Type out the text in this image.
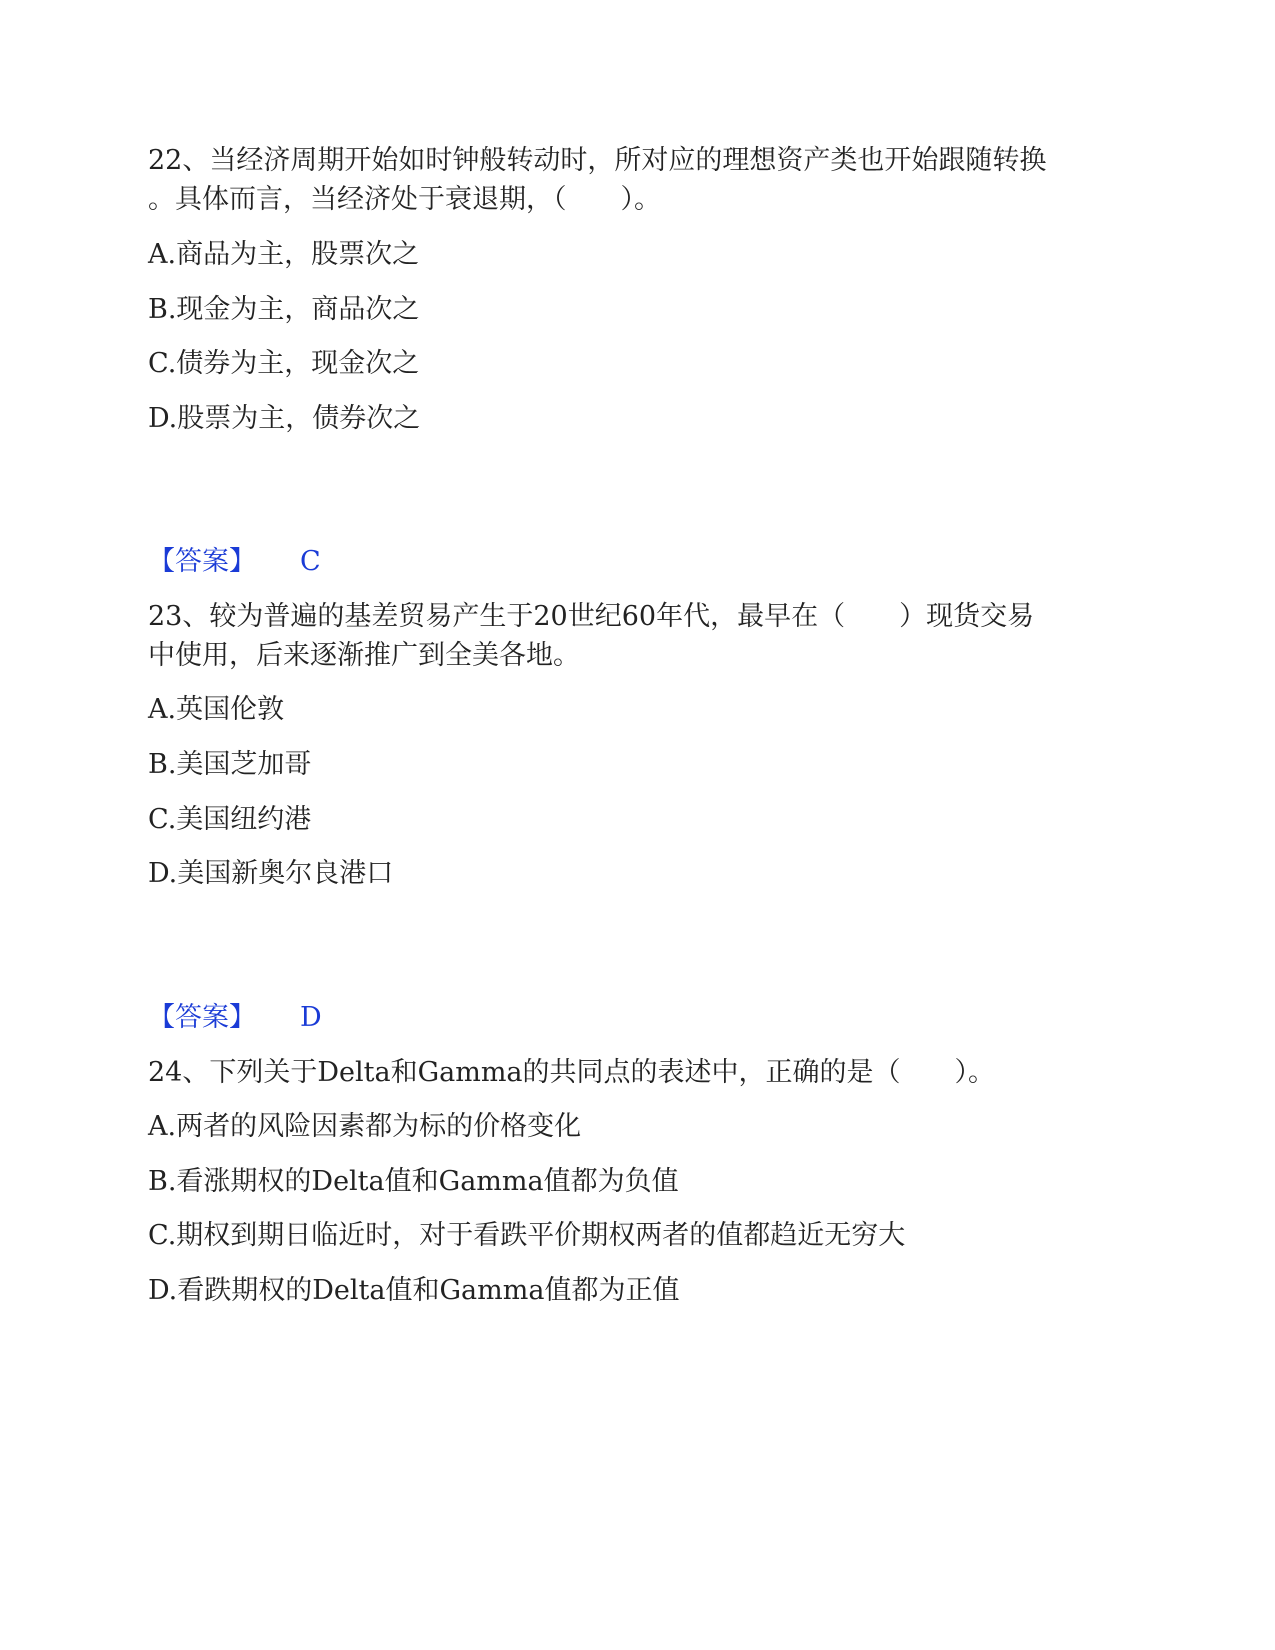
22、当经济周期开始如时钟般转动时，所对应的理想资产类也开始跟随转换
。具体而言，当经济处于衰退期，（　　）。
A.商品为主，股票次之
B.现金为主，商品次之
C.债券为主，现金次之
D.股票为主，债券次之
【答案】 C
23、较为普遍的基差贸易产生于20世纪60年代，最早在（　　）现货交易
中使用，后来逐渐推广到全美各地。
A.英国伦敦
B.美国芝加哥
C.美国纽约港
D.美国新奥尔良港口
【答案】 D
24、下列关于Delta和Gamma的共同点的表述中，正确的是（　　）。
A.两者的风险因素都为标的价格变化
B.看涨期权的Delta值和Gamma值都为负值
C.期权到期日临近时，对于看跌平价期权两者的值都趋近无穷大
D.看跌期权的Delta值和Gamma值都为正值
